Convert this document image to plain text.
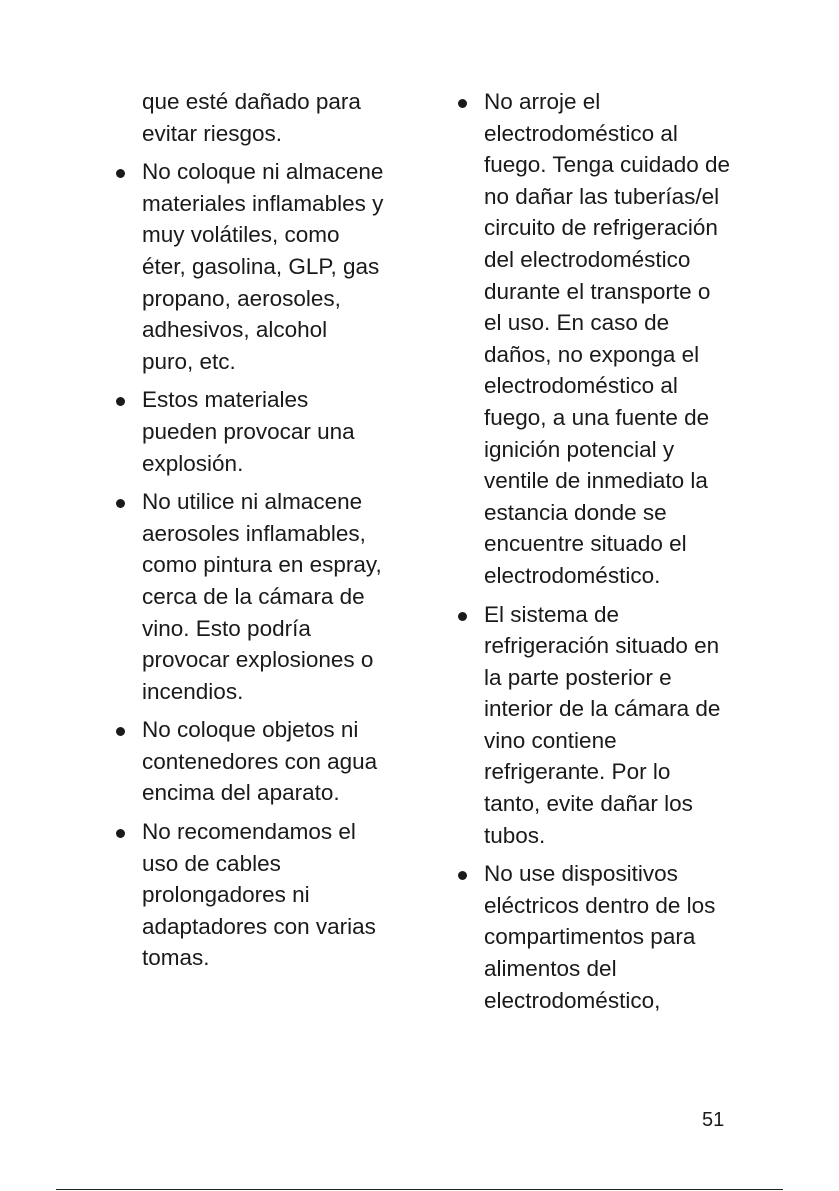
que esté dañado para evitar riesgos.
No coloque ni almacene materiales inflamables y muy volátiles, como éter, gasolina, GLP, gas propano, aerosoles, adhesivos, alcohol puro, etc.
Estos materiales pueden provocar una explosión.
No utilice ni almacene aerosoles inflamables, como pintura en espray, cerca de la cámara de vino. Esto podría provocar explosiones o incendios.
No coloque objetos ni contenedores con agua encima del aparato.
No recomendamos el uso de cables prolongadores ni adaptadores con varias tomas.
No arroje el electrodoméstico al fuego. Tenga cuidado de no dañar las tuberías/el circuito de refrigeración del electrodoméstico durante el transporte o el uso. En caso de daños, no exponga el electrodoméstico al fuego, a una fuente de ignición potencial y ventile de inmediato la estancia donde se encuentre situado el electrodoméstico.
El sistema de refrigeración situado en la parte posterior e interior de la cámara de vino contiene refrigerante. Por lo tanto, evite dañar los tubos.
No use dispositivos eléctricos dentro de los compartimentos para alimentos del electrodoméstico,
51
